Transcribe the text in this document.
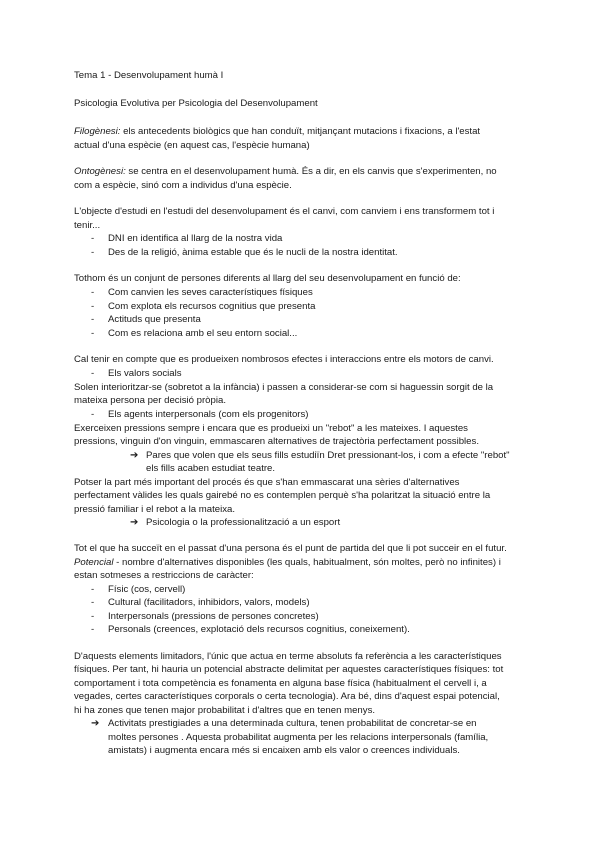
Tema 1 - Desenvolupament humà I
Psicologia Evolutiva per Psicologia del Desenvolupament
Filogènesi: els antecedents biològics que han conduït, mitjançant mutacions i fixacions, a l'estat
actual d'una espècie (en aquest cas, l'espècie humana)
Ontogènesi: se centra en el desenvolupament humà. És a dir, en els canvis que s'experimenten, no
com a espècie, sinó com a individus d'una espècie.
L'objecte d'estudi en l'estudi del desenvolupament és el canvi, com canviem i ens transformem tot i
tenir...
- DNI en identifica al llarg de la nostra vida
- Des de la religió, ànima estable que és le nucli de la nostra identitat.
Tothom és un conjunt de persones diferents al llarg del seu desenvolupament en funció de:
- Com canvien les seves característiques físiques
- Com explota els recursos cognitius que presenta
- Actituds que presenta
- Com es relaciona amb el seu entorn social...
Cal tenir en compte que es produeixen nombrosos efectes i interaccions entre els motors de canvi.
- Els valors socials
Solen interioritzar-se (sobretot a la infància) i passen a considerar-se com si haguessin sorgit de la
mateixa persona per decisió pròpia.
- Els agents interpersonals (com els progenitors)
Exerceixen pressions sempre i encara que es produeixi un "rebot" a les mateixes. I aquestes
pressions, vinguin d'on vinguin, emmascaren alternatives de trajectòria perfectament possibles.
➔ Pares que volen que els seus fills estudiïn Dret pressionant-los, i com a efecte "rebot"
els fills acaben estudiat teatre.
Potser la part més important del procés és que s'han emmascarat una sèries d'alternatives
perfectament vàlides les quals gairebé no es contemplen perquè s'ha polaritzat la situació entre la
pressió familiar i el rebot a la mateixa.
➔ Psicologia o la professionalització a un esport
Tot el que ha succeït en el passat d'una persona és el punt de partida del que li pot succeir en el futur.
Potencial - nombre d'alternatives disponibles (les quals, habitualment, són moltes, però no infinites) i
estan sotmeses a restriccions de caràcter:
- Físic (cos, cervell)
- Cultural (facilitadors, inhibidors, valors, models)
- Interpersonals (pressions de persones concretes)
- Personals (creences, explotació dels recursos cognitius, coneixement).
D'aquests elements limitadors, l'únic que actua en terme absoluts fa referència a les característiques
físiques. Per tant, hi hauria un potencial abstracte delimitat per aquestes característiques físiques: tot
comportament i tota competència es fonamenta en alguna base física (habitualment el cervell i, a
vegades, certes característiques corporals o certa tecnologia). Ara bé, dins d'aquest espai potencial,
hi ha zones que tenen major probabilitat i d'altres que en tenen menys.
➔ Activitats prestigiades a una determinada cultura, tenen probabilitat de concretar-se en
moltes persones . Aquesta probabilitat augmenta per les relacions interpersonals (família,
amistats) i augmenta encara més si encaixen amb els valor o creences individuals.
